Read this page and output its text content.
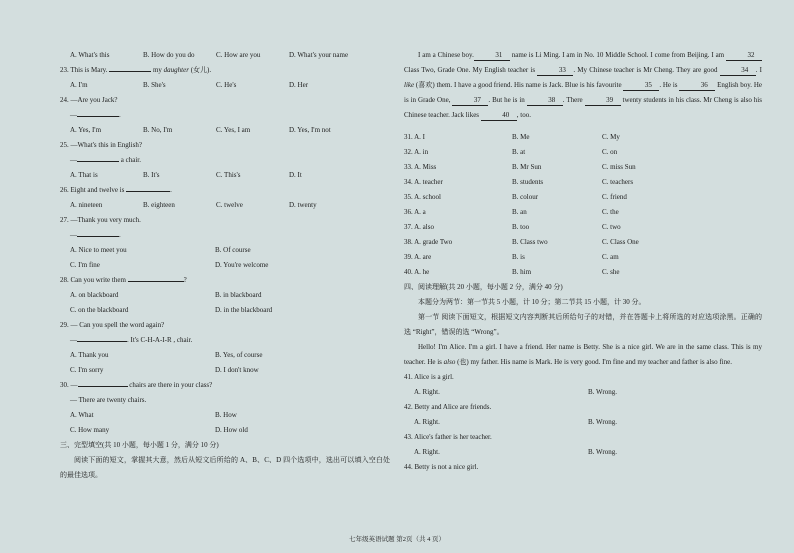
A. What's this	B. How do you do	C. How are you	D. What's your name
23. This is Mary.	my daughter (女儿).
A. I'm	B. She's	C. He's	D. Her
24. —Are you Jack?
—	.
A. Yes, I'm	B. No, I'm	C. Yes, I am	D. Yes, I'm not
25. —What's this in English?
—	a chair.
A. That is	B. It's	C. This's	D. It
26. Eight and twelve is	.
A. nineteen	B. eighteen	C. twelve	D. twenty
27. —Thank you very much.
—	.
A. Nice to meet you	B. Of course
C. I'm fine	D. You're welcome
28. Can you write them	?
A. on blackboard	B. in blackboard
C. on the blackboard	D. in the blackboard
29. — Can you spell the word again?
—	. It's C-H-A-I-R , chair.
A. Thank you	B. Yes, of course
C. I'm sorry	D. I don't know
30. —	chairs are there in your class?
— There are twenty chairs.
A. What	B. How
C. How many	D. How old
三、完型填空(共 10 小题，每小题 1 分，满分 10 分)
阅读下面的短文，掌握其大意，然后从短文后所给的 A、B、C、D 四个选项中，选出可以填入空白处的最佳选项。
I am a Chinese boy.	31 name is Li Ming. I am in No. 10 Middle School. I come from Beijing. I am	32 Class Two, Grade One. My English teacher is	33 . My Chinese teacher is Mr Cheng. They are good	34 . I like (喜欢) them. I have a good friend. His name is Jack. Blue is his favourite	35 . He is	36 English boy. He is in Grade One,	37 . But he is in	38 . There	39 twenty students in his class. Mr Cheng is also his Chinese teacher. Jack likes	40 , too.
31. A. I	B. Me	C. My
32. A. in	B. at	C. on
33. A. Miss	B. Mr Sun	C. miss Sun
34. A. teacher	B. students	C. teachers
35. A. school	B. colour	C. friend
36. A. a	B. an	C. the
37. A. also	B. too	C. two
38. A. grade Two	B. Class two	C. Class One
39. A. are	B. is	C. am
40. A. he	B. him	C. she
四、阅读理解(共 20 小题，每小题 2 分，满分 40 分)
本题分为两节：第一节共 5 小题，计 10 分；第二节共 15 小题，计 30 分。
第一节 阅读下面短文，根据短文内容判断其后所给句子的对错，并在答题卡上将所选的对应选项涂黑。正确的选 “Right”，错误的选 “Wrong”。
Hello! I'm Alice. I'm a girl. I have a friend. Her name is Betty. She is a nice girl. We are in the same class. This is my teacher. He is also (也) my father. His name is Mark. He is very good. I'm fine and my teacher and father is also fine.
41. Alice is a girl.
A. Right.	B. Wrong.
42. Betty and Alice are friends.
A. Right.	B. Wrong.
43. Alice's father is her teacher.
A. Right.	B. Wrong.
44. Betty is not a nice girl.
七年级英语试题 第2页（共 4 页）
